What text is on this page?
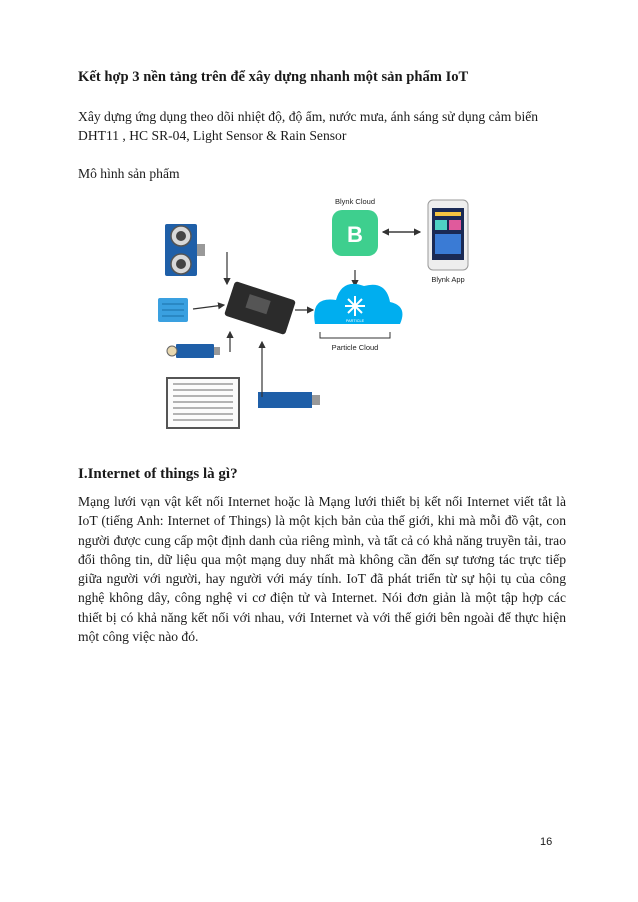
Kết hợp 3 nền tảng trên để xây dựng nhanh một sản phẩm IoT
Xây dựng ứng dụng theo dõi nhiệt độ, độ ẩm, nước mưa, ánh sáng sử dụng cảm biến DHT11 , HC SR-04, Light Sensor & Rain Sensor
Mô hình sản phẩm
Blynk Cloud
B
Blynk App
PARTICLE
Particle Cloud
I.Internet of things là gì?
Mạng lưới vạn vật kết nối Internet hoặc là Mạng lưới thiết bị kết nối Internet viết tắt là IoT (tiếng Anh: Internet of Things) là một kịch bản của thế giới, khi mà mỗi đồ vật, con người được cung cấp một định danh của riêng mình, và tất cả có khả năng truyền tải, trao đổi thông tin, dữ liệu qua một mạng duy nhất mà không cần đến sự tương tác trực tiếp giữa người với người, hay người với máy tính. IoT đã phát triển từ sự hội tụ của công nghệ không dây, công nghệ vi cơ điện tử và Internet. Nói đơn giản là một tập hợp các thiết bị có khả năng kết nối với nhau, với Internet và với thế giới bên ngoài để thực hiện một công việc nào đó.
16
